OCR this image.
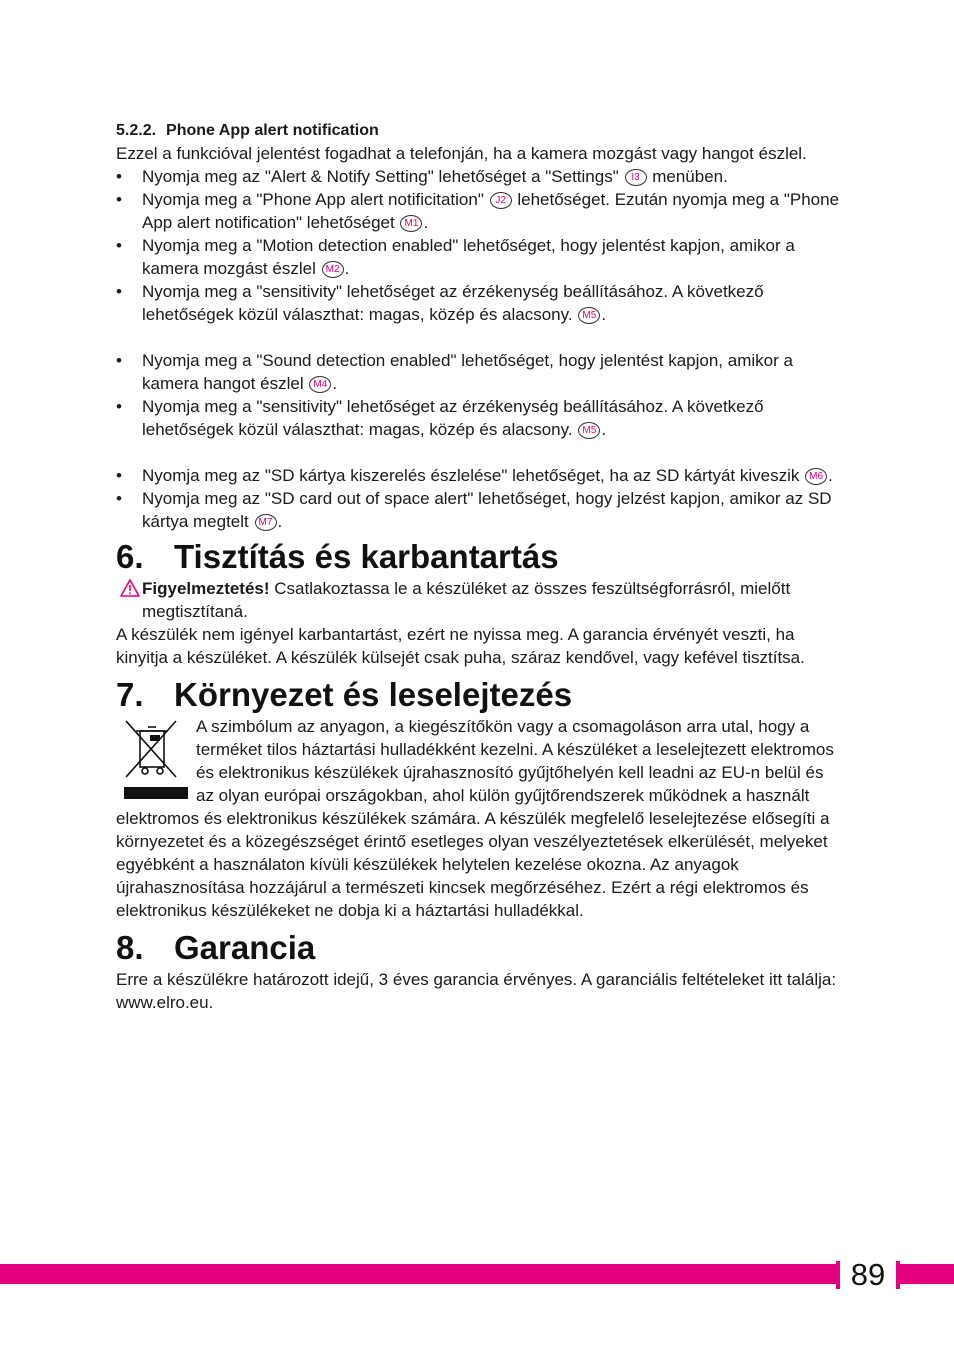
5.2.2. Phone App alert notification

Ezzel a funkcióval jelentést fogadhat a telefonján, ha a kamera mozgást vagy hangot észlel.

• Nyomja meg az "Alert & Notify Setting" lehetőséget a "Settings" I3 menüben.
• Nyomja meg a "Phone App alert notificitation" J2 lehetőséget. Ezután nyomja meg a "Phone App alert notification" lehetőséget M1 .
• Nyomja meg a "Motion detection enabled" lehetőséget, hogy jelentést kapjon, amikor a kamera mozgást észlel M2 .
• Nyomja meg a "sensitivity" lehetőséget az érzékenység beállításához. A következő lehetőségek közül választhat: magas, közép és alacsony. M5 .
• Nyomja meg a "Sound detection enabled" lehetőséget, hogy jelentést kapjon, amikor a kamera hangot észlel M4 .
• Nyomja meg a "sensitivity" lehetőséget az érzékenység beállításához. A következő lehetőségek közül választhat: magas, közép és alacsony. M5 .
• Nyomja meg az "SD kártya kiszerelés észlelése" lehetőséget, ha az SD kártyát kiveszik M6 .
• Nyomja meg az "SD card out of space alert" lehetőséget, hogy jelzést kapjon, amikor az SD kártya megtelt M7 .
6. Tisztítás és karbantartás
Figyelmeztetés! Csatlakoztassa le a készüléket az összes feszültségforrásról, mielőtt megtisztítaná.

A készülék nem igényel karbantartást, ezért ne nyissa meg. A garancia érvényét veszti, ha kinyitja a készüléket. A készülék külsejét csak puha, száraz kendővel, vagy kefével tisztítsa.

7. Környezet és leselejtezés
A szimbólum az anyagon, a kiegészítőkön vagy a csomagoláson arra utal, hogy a terméket tilos háztartási hulladékként kezelni. A készüléket a leselejtezett elektromos és elektronikus készülékek újrahasznosító gyűjtőhelyén kell leadni az EU-n belül és az olyan európai országokban, ahol külön gyűjtőrendszerek működnek a használt elektromos és elektronikus készülékek számára. A készülék megfelelő leselejtezése elősegíti a környezetet és a közegészséget érintő esetleges olyan veszélyeztetések elkerülését, melyeket egyébként a használaton kívüli készülékek helytelen kezelése okozna. Az anyagok újrahasznosítása hozzájárul a természeti kincsek megőrzéséhez. Ezért a régi elektromos és elektronikus készülékeket ne dobja ki a háztartási hulladékkal.
8. Garancia

Erre a készülékre határozott idejű, 3 éves garancia érvényes. A garanciális feltételeket itt találja: www.elro.eu.

89
